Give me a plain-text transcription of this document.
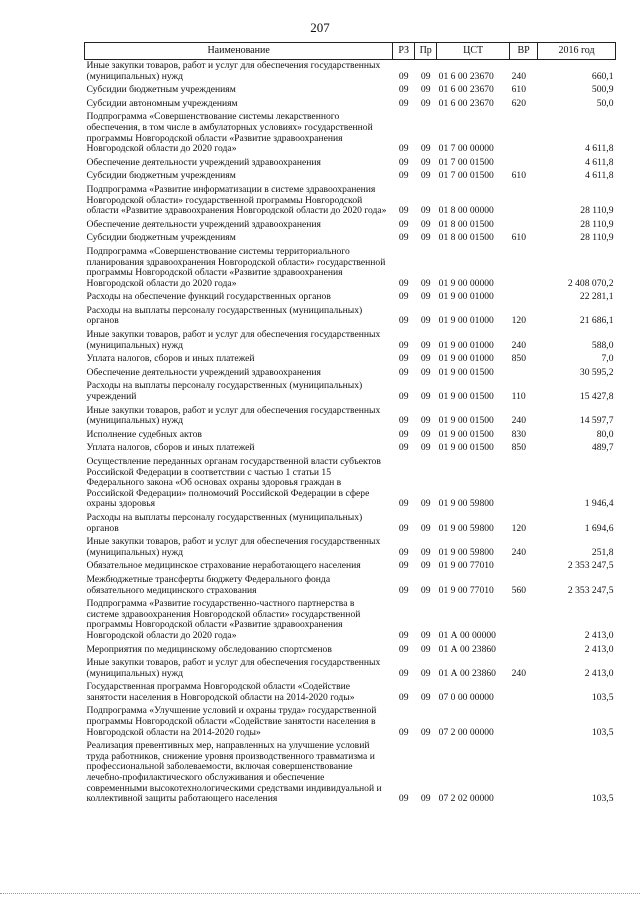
207
Наименование	РЗ	Пр	ЦСТ	ВР	2016 год
Иные закупки товаров, работ и услуг для обеспечения государственных (муниципальных) нужд	09	09	01 6 00 23670	240	660,1
Субсидии бюджетным учреждениям	09	09	01 6 00 23670	610	500,9
Субсидии автономным учреждениям	09	09	01 6 00 23670	620	50,0
Подпрограмма «Совершенствование системы лекарственного обеспечения, в том числе в амбулаторных условиях» государственной программы Новгородской области «Развитие здравоохранения Новгородской области до 2020 года»	09	09	01 7 00 00000		4 611,8
Обеспечение деятельности учреждений здравоохранения	09	09	01 7 00 01500		4 611,8
Субсидии бюджетным учреждениям	09	09	01 7 00 01500	610	4 611,8
Подпрограмма «Развитие информатизации в системе здравоохранения Новгородской области» государственной программы Новгородской области «Развитие здравоохранения Новгородской области до 2020 года»	09	09	01 8 00 00000		28 110,9
Обеспечение деятельности учреждений здравоохранения	09	09	01 8 00 01500		28 110,9
Субсидии бюджетным учреждениям	09	09	01 8 00 01500	610	28 110,9
Подпрограмма «Совершенствование системы территориального планирования здравоохранения Новгородской области» государственной программы Новгородской области «Развитие здравоохранения Новгородской области до 2020 года»	09	09	01 9 00 00000		2 408 070,2
Расходы на обеспечение функций государственных органов	09	09	01 9 00 01000		22 281,1
Расходы на выплаты персоналу государственных (муниципальных) органов	09	09	01 9 00 01000	120	21 686,1
Иные закупки товаров, работ и услуг для обеспечения государственных (муниципальных) нужд	09	09	01 9 00 01000	240	588,0
Уплата налогов, сборов и иных платежей	09	09	01 9 00 01000	850	7,0
Обеспечение деятельности учреждений здравоохранения	09	09	01 9 00 01500		30 595,2
Расходы на выплаты персоналу государственных (муниципальных) учреждений	09	09	01 9 00 01500	110	15 427,8
Иные закупки товаров, работ и услуг для обеспечения государственных (муниципальных) нужд	09	09	01 9 00 01500	240	14 597,7
Исполнение судебных актов	09	09	01 9 00 01500	830	80,0
Уплата налогов, сборов и иных платежей	09	09	01 9 00 01500	850	489,7
Осуществление переданных органам государственной власти субъектов Российской Федерации в соответствии с частью 1 статьи 15 Федерального закона «Об основах охраны здоровья граждан в Российской Федерации» полномочий Российской Федерации в сфере охраны здоровья	09	09	01 9 00 59800		1 946,4
Расходы на выплаты персоналу государственных (муниципальных) органов	09	09	01 9 00 59800	120	1 694,6
Иные закупки товаров, работ и услуг для обеспечения государственных (муниципальных) нужд	09	09	01 9 00 59800	240	251,8
Обязательное медицинское страхование неработающего населения	09	09	01 9 00 77010		2 353 247,5
Межбюджетные трансферты бюджету Федерального фонда обязательного медицинского страхования	09	09	01 9 00 77010	560	2 353 247,5
Подпрограмма «Развитие государственно-частного партнерства в системе здравоохранения Новгородской области» государственной программы Новгородской области «Развитие здравоохранения Новгородской области до 2020 года»	09	09	01 А 00 00000		2 413,0
Мероприятия по медицинскому обследованию спортсменов	09	09	01 А 00 23860		2 413,0
Иные закупки товаров, работ и услуг для обеспечения государственных (муниципальных) нужд	09	09	01 А 00 23860	240	2 413,0
Государственная программа Новгородской области «Содействие занятости населения в Новгородской области на 2014-2020 годы»	09	09	07 0 00 00000		103,5
Подпрограмма «Улучшение условий и охраны труда» государственной программы Новгородской области «Содействие занятости населения в Новгородской области на 2014-2020 годы»	09	09	07 2 00 00000		103,5
Реализация превентивных мер, направленных на улучшение условий труда работников, снижение уровня производственного травматизма и профессиональной заболеваемости, включая совершенствование лечебно-профилактического обслуживания и обеспечение современными высокотехнологическими средствами индивидуальной и коллективной защиты работающего населения	09	09	07 2 02 00000		103,5
